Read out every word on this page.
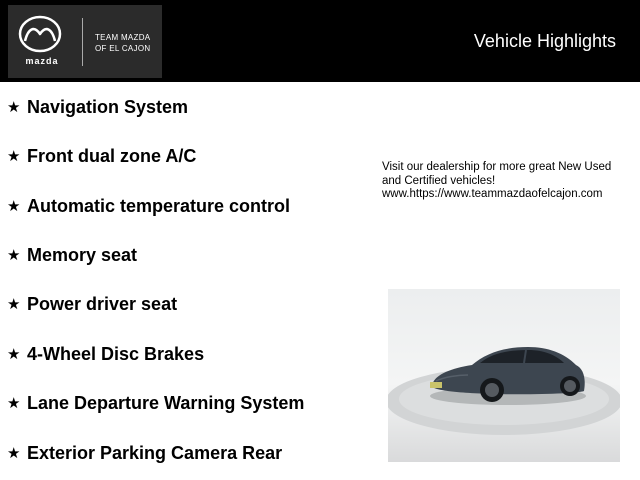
mazda
TEAM MAZDA
OF EL CAJON	Vehicle Highlights
★ Navigation System
★ Front dual zone A/C
★ Automatic temperature control
★ Memory seat
★ Power driver seat
★ 4-Wheel Disc Brakes
★ Lane Departure Warning System
★ Exterior Parking Camera Rear
Visit our dealership for more great New Used
and Certified vehicles!
www.https://www.teammazdaofelcajon.com
